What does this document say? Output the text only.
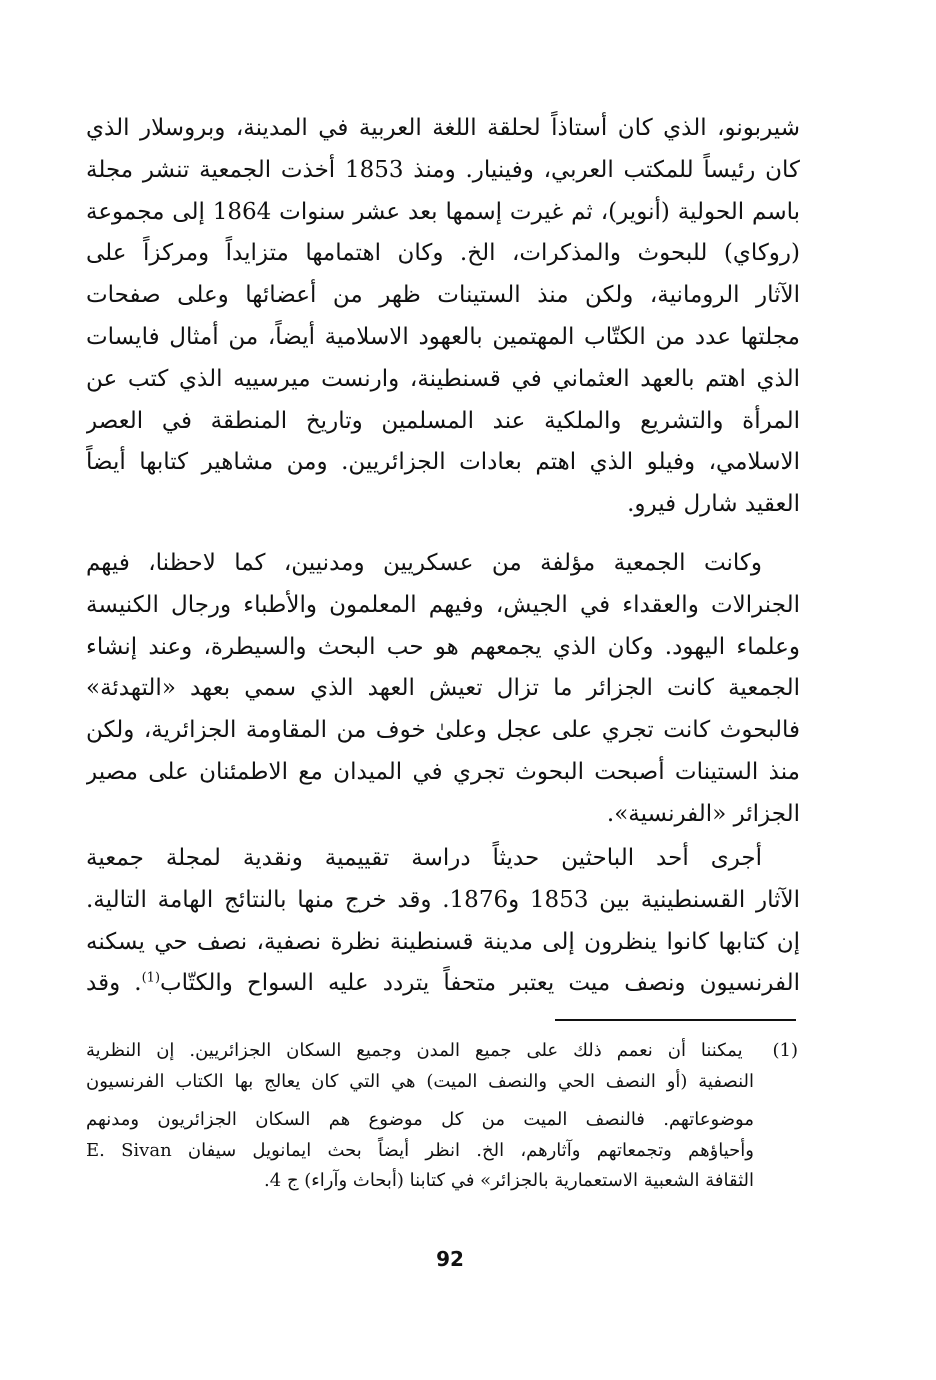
شيربونو، الذي كان أستاذاً لحلقة اللغة العربية في المدينة، وبروسلار الذي
كان رئيساً للمكتب العربي، وفينيار. ومنذ 1853 أخذت الجمعية تنشر مجلة
باسم الحولية (أنوير)، ثم غيرت إسمها بعد عشر سنوات 1864 إلى مجموعة
(روكاي) للبحوث والمذكرات، الخ. وكان اهتمامها متزايداً ومركزاً على
الآثار الرومانية، ولكن منذ الستينات ظهر من أعضائها وعلى صفحات
مجلتها عدد من الكتّاب المهتمين بالعهود الاسلامية أيضاً، من أمثال فايسات
الذي اهتم بالعهد العثماني في قسنطينة، وارنست ميرسييه الذي كتب عن
المرأة والتشريع والملكية عند المسلمين وتاريخ المنطقة في العصر
الاسلامي، وفيلو الذي اهتم بعادات الجزائريين. ومن مشاهير كتابها أيضاً
العقيد شارل فيرو.
وكانت الجمعية مؤلفة من عسكريين ومدنيين، كما لاحظنا، فيهم
الجنرالات والعقداء في الجيش، وفيهم المعلمون والأطباء ورجال الكنيسة
وعلماء اليهود. وكان الذي يجمعهم هو حب البحث والسيطرة، وعند إنشاء
الجمعية كانت الجزائر ما تزال تعيش العهد الذي سمي بعهد «التهدئة»
فالبحوث كانت تجري على عجل وعلىٰ خوف من المقاومة الجزائرية، ولكن
منذ الستينات أصبحت البحوث تجري في الميدان مع الاطمئنان على مصير
الجزائر «الفرنسية».
أجرى أحد الباحثين حديثاً دراسة تقييمية ونقدية لمجلة جمعية
الآثار القسنطينية بين 1853 و1876. وقد خرج منها بالنتائج الهامة التالية.
إن كتابها كانوا ينظرون إلى مدينة قسنطينة نظرة نصفية، نصف حي يسكنه
الفرنسيون ونصف ميت يعتبر متحفاً يتردد عليه السواح والكتّاب$^{(1)}$. وقد
(1)  يمكننا أن نعمم ذلك على جميع المدن وجميع السكان الجزائريين. إن النظرية
النصفية (أو النصف الحي والنصف الميت) هي التي كان يعالج بها الكتاب الفرنسيون
موضوعاتهم. فالنصف الميت من كل موضوع هم السكان الجزائريون ومدنهم
وأحياؤهم وتجمعاتهم وآثارهم، الخ. انظر أيضاً بحث ايمانويل سيفان E. Sivan
الثقافة الشعبية الاستعمارية بالجزائر» في كتابنا (أبحاث وآراء) ج 4.
92
